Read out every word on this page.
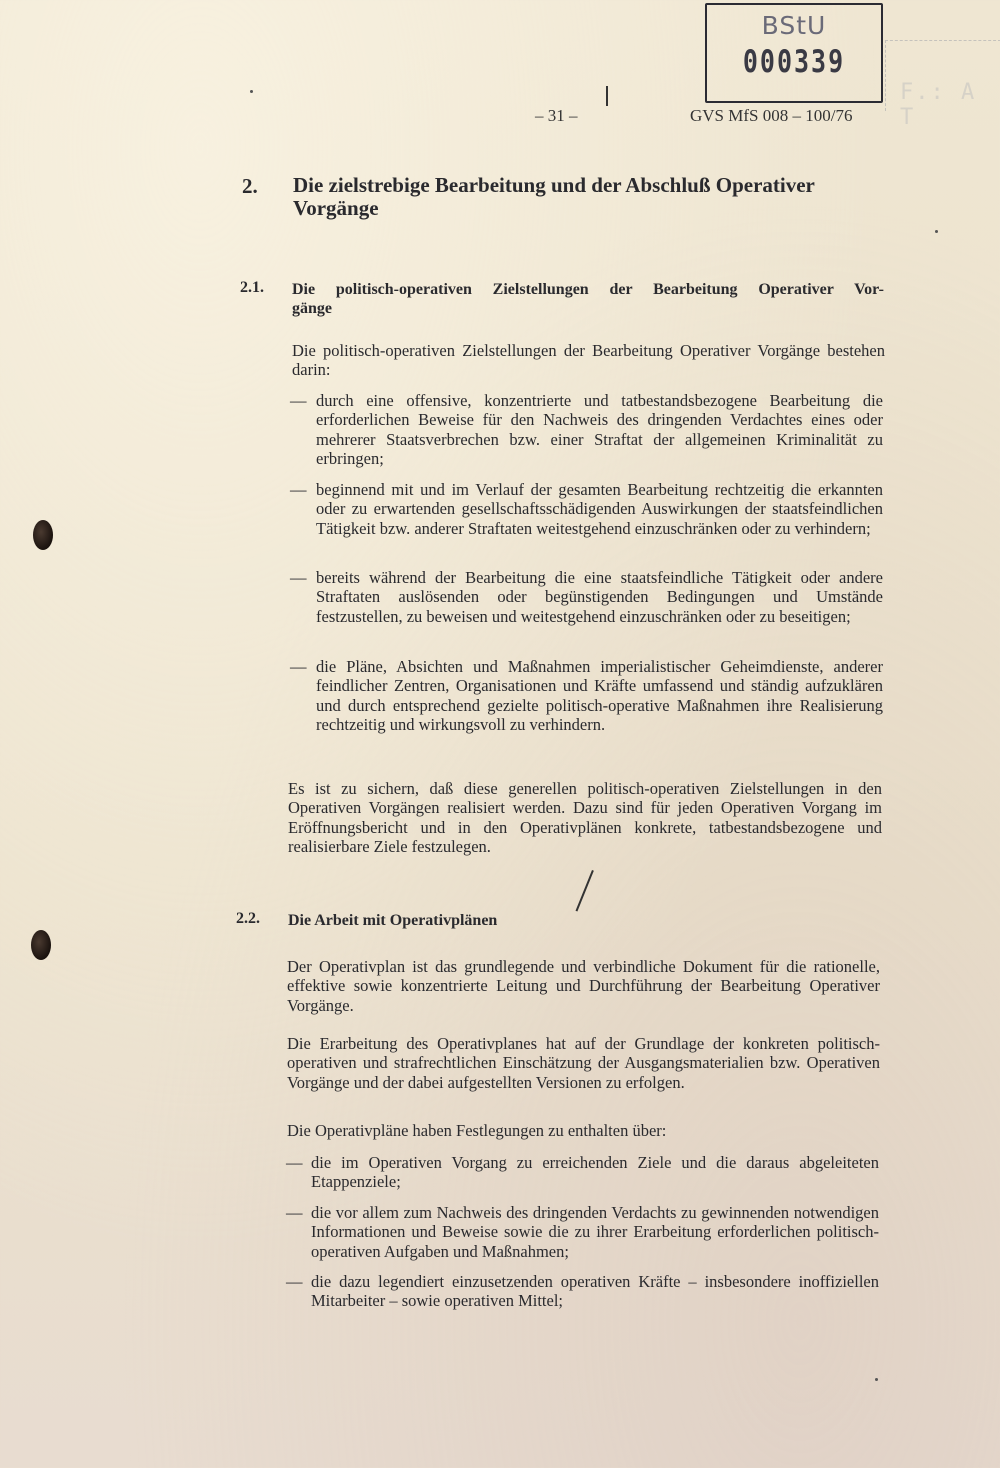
F.: A T
BStU
000339
– 31 –	GVS MfS 008 – 100/76
2. Die zielstrebige Bearbeitung und der Abschluß Operativer
Vorgänge
2.1. Die politisch-operativen Zielstellungen der Bearbeitung Operativer Vor-
gänge
Die politisch-operativen Zielstellungen der Bearbeitung Operativer Vorgänge bestehen darin:
— durch eine offensive, konzentrierte und tatbestandsbezogene Bearbeitung die erforderlichen Beweise für den Nachweis des dringenden Verdachtes eines oder mehrerer Staatsverbrechen bzw. einer Straftat der allgemeinen Kriminalität zu erbringen;
— beginnend mit und im Verlauf der gesamten Bearbeitung rechtzeitig die erkannten oder zu erwartenden gesellschaftsschädigenden Auswirkungen der staatsfeindlichen Tätigkeit bzw. anderer Straftaten weitestgehend einzuschränken oder zu verhindern;
— bereits während der Bearbeitung die eine staatsfeindliche Tätigkeit oder andere Straftaten auslösenden oder begünstigenden Bedingungen und Umstände festzustellen, zu beweisen und weitestgehend einzuschränken oder zu beseitigen;
— die Pläne, Absichten und Maßnahmen imperialistischer Geheimdienste, anderer feindlicher Zentren, Organisationen und Kräfte umfassend und ständig aufzuklären und durch entsprechend gezielte politisch-operative Maßnahmen ihre Realisierung rechtzeitig und wirkungsvoll zu verhindern.
Es ist zu sichern, daß diese generellen politisch-operativen Zielstellungen in den Operativen Vorgängen realisiert werden. Dazu sind für jeden Operativen Vorgang im Eröffnungsbericht und in den Operativplänen konkrete, tatbestandsbezogene und realisierbare Ziele festzulegen.
2.2. Die Arbeit mit Operativplänen
Der Operativplan ist das grundlegende und verbindliche Dokument für die rationelle, effektive sowie konzentrierte Leitung und Durchführung der Bearbeitung Operativer Vorgänge.
Die Erarbeitung des Operativplanes hat auf der Grundlage der konkreten politisch-operativen und strafrechtlichen Einschätzung der Ausgangsmaterialien bzw. Operativen Vorgänge und der dabei aufgestellten Versionen zu erfolgen.
Die Operativpläne haben Festlegungen zu enthalten über:
— die im Operativen Vorgang zu erreichenden Ziele und die daraus abgeleiteten Etappenziele;
— die vor allem zum Nachweis des dringenden Verdachts zu gewinnenden notwendigen Informationen und Beweise sowie die zu ihrer Erarbeitung erforderlichen politisch-operativen Aufgaben und Maßnahmen;
— die dazu legendiert einzusetzenden operativen Kräfte – insbesondere inoffiziellen Mitarbeiter – sowie operativen Mittel;
